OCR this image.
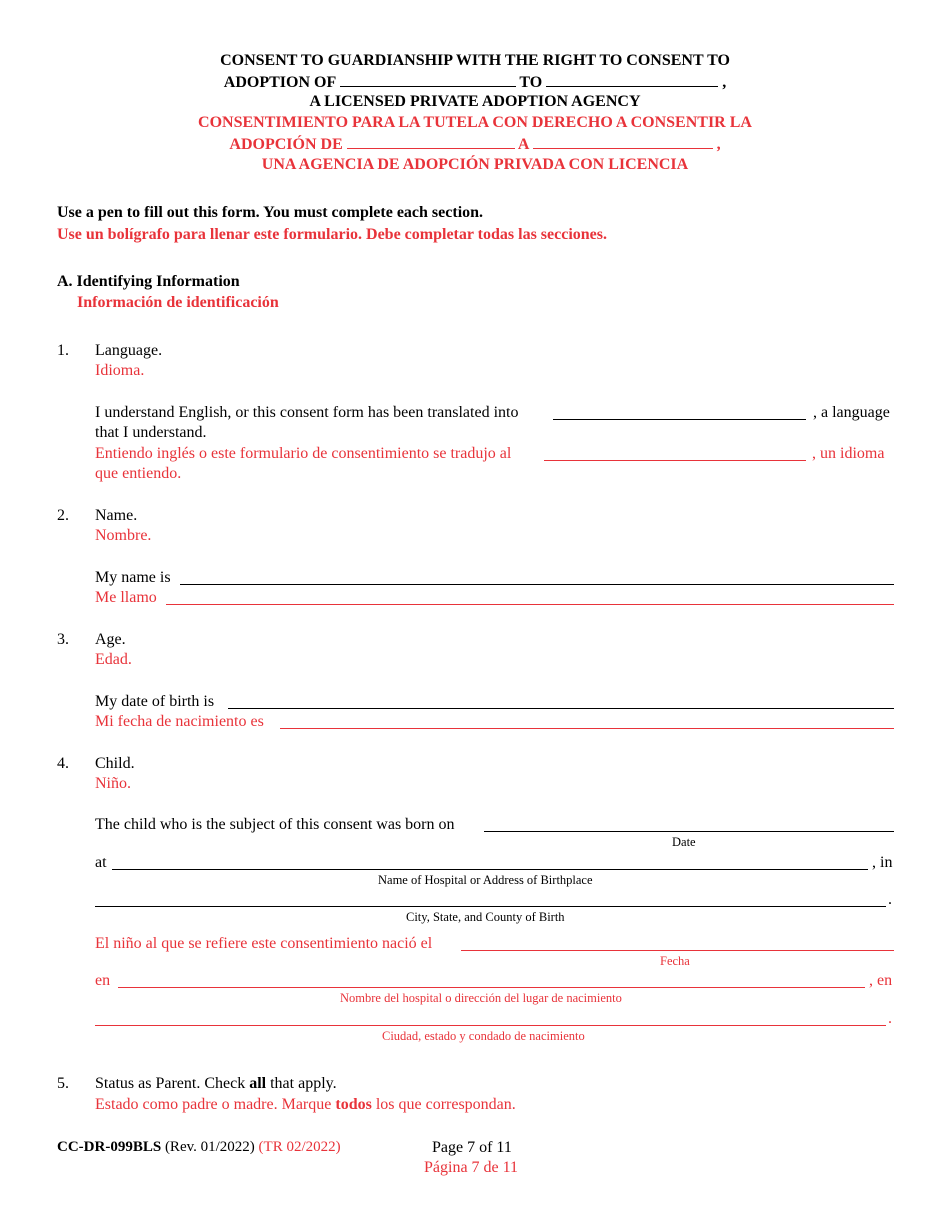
CONSENT TO GUARDIANSHIP WITH THE RIGHT TO CONSENT TO
ADOPTION OF	TO	,
A LICENSED PRIVATE ADOPTION AGENCY
CONSENTIMIENTO PARA LA TUTELA CON DERECHO A CONSENTIR LA
ADOPCIÓN DE	A	,
UNA AGENCIA DE ADOPCIÓN PRIVADA CON LICENCIA
Use a pen to fill out this form. You must complete each section.
Use un bolígrafo para llenar este formulario. Debe completar todas las secciones.
A. Identifying Information
Información de identificación
1. Language.
Idioma.
I understand English, or this consent form has been translated into	, a language
that I understand.
Entiendo inglés o este formulario de consentimiento se tradujo al	, un idioma
que entiendo.
2. Name.
Nombre.
My name is
Me llamo
3. Age.
Edad.
My date of birth is
Mi fecha de nacimiento es
4. Child.
Niño.
The child who is the subject of this consent was born on
Date
at	, in
Name of Hospital or Address of Birthplace
.
City, State, and County of Birth
El niño al que se refiere este consentimiento nació el
Fecha
en	, en
Nombre del hospital o dirección del lugar de nacimiento
.
Ciudad, estado y condado de nacimiento
5. Status as Parent. Check all that apply.
Estado como padre o madre. Marque todos los que correspondan.
CC-DR-099BLS (Rev. 01/2022) (TR 02/2022)	Page 7 of 11
Página 7 de 11
